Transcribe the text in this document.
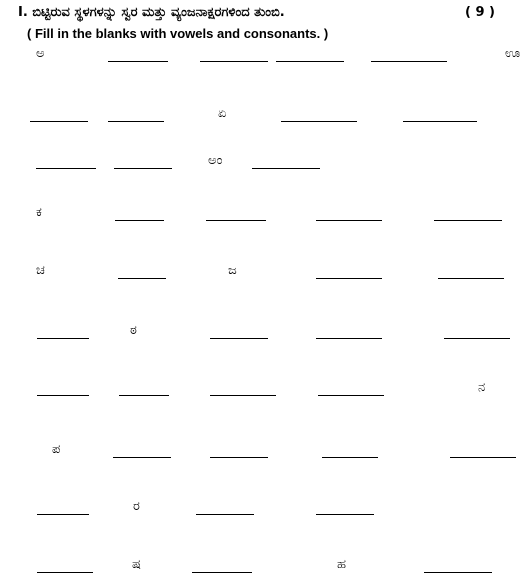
I. ಬಿಟ್ಟಿರುವ ಸ್ಥಳಗಳನ್ನು ಸ್ವರ ಮತ್ತು ವ್ಯಂಜನಾಕ್ಷರಗಳಿಂದ ತುಂಬಿ.	( 9 )
( Fill in the blanks with vowels and consonants. )
ಅ	ಊ
ಏ
ಅಂ
ಕ
ಚ	ಜ
ಠ
ನ
ಪ
ರ
ಷ	ಹ
